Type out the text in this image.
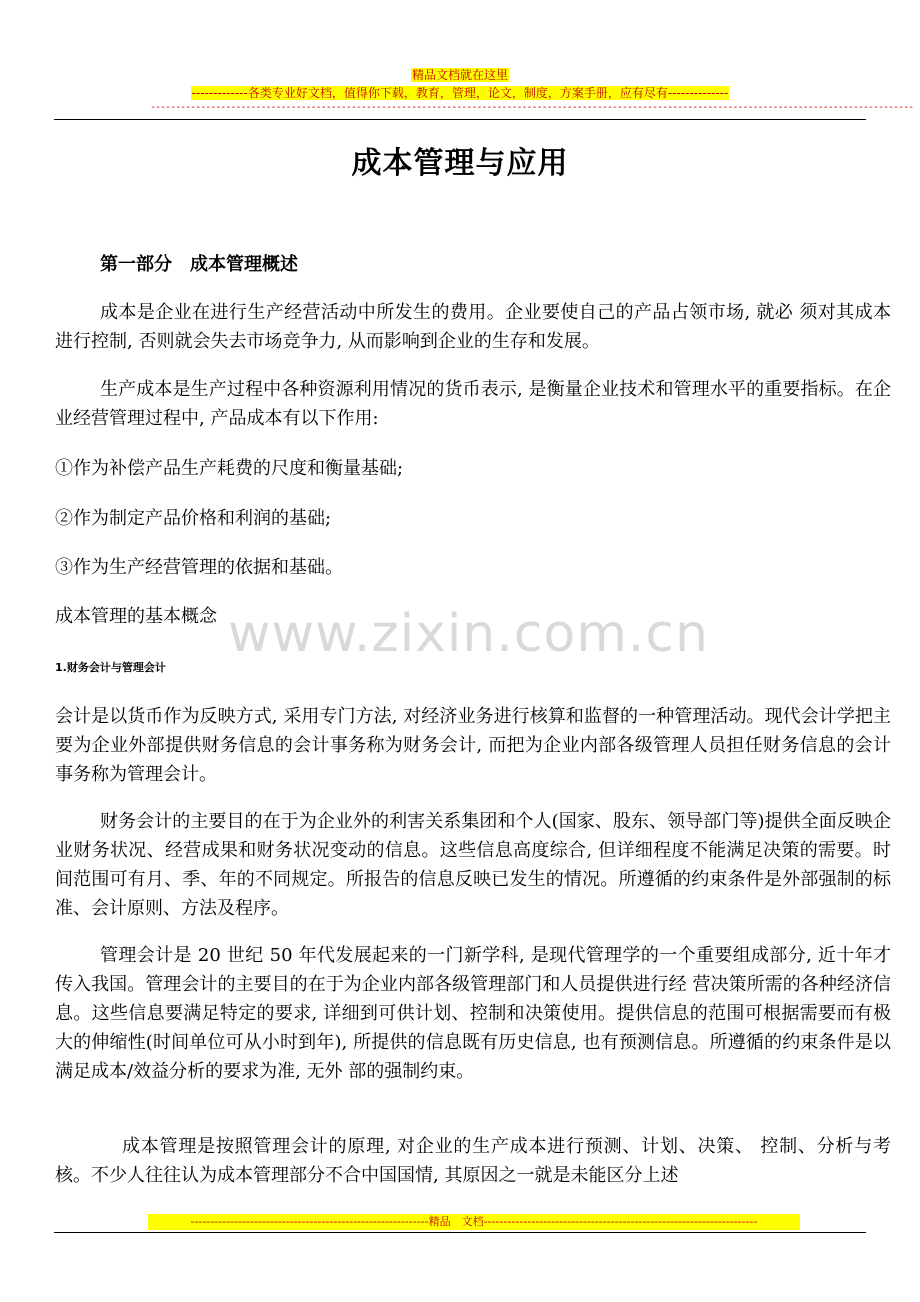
精品文档就在这里
-------------各类专业好文档，值得你下载，教育，管理，论文，制度，方案手册，应有尽有--------------
--------------------------------------------------------------------------------------------------------------------------------------------------------
成本管理与应用
第一部分　成本管理概述
成本是企业在进行生产经营活动中所发生的费用。企业要使自己的产品占领市场, 就必 须对其成本进行控制, 否则就会失去市场竞争力, 从而影响到企业的生存和发展。
生产成本是生产过程中各种资源利用情况的货币表示, 是衡量企业技术和管理水平的重要指标。在企业经营管理过程中, 产品成本有以下作用:
①作为补偿产品生产耗费的尺度和衡量基础;
②作为制定产品价格和利润的基础;
③作为生产经营管理的依据和基础。
成本管理的基本概念 www.zixin.com.cn
1.财务会计与管理会计
会计是以货币作为反映方式, 采用专门方法, 对经济业务进行核算和监督的一种管理活动。现代会计学把主要为企业外部提供财务信息的会计事务称为财务会计, 而把为企业内部各级管理人员担任财务信息的会计事务称为管理会计。
财务会计的主要目的在于为企业外的利害关系集团和个人(国家、股东、领导部门等)提供全面反映企业财务状况、经营成果和财务状况变动的信息。这些信息高度综合, 但详细程度不能满足决策的需要。时间范围可有月、季、年的不同规定。所报告的信息反映已发生的情况。所遵循的约束条件是外部强制的标准、会计原则、方法及程序。
管理会计是 20 世纪 50 年代发展起来的一门新学科, 是现代管理学的一个重要组成部分, 近十年才传入我国。管理会计的主要目的在于为企业内部各级管理部门和人员提供进行经 营决策所需的各种经济信息。这些信息要满足特定的要求, 详细到可供计划、控制和决策使用。提供信息的范围可根据需要而有极大的伸缩性(时间单位可从小时到年), 所提供的信息既有历史信息, 也有预测信息。所遵循的约束条件是以满足成本/效益分析的要求为准, 无外 部的强制约束。
成本管理是按照管理会计的原理, 对企业的生产成本进行预测、计划、决策、 控制、分析与考核。不少人往往认为成本管理部分不合中国国情, 其原因之一就是未能区分上述
------------------------------------------------------------精品　文档---------------------------------------------------------------------
